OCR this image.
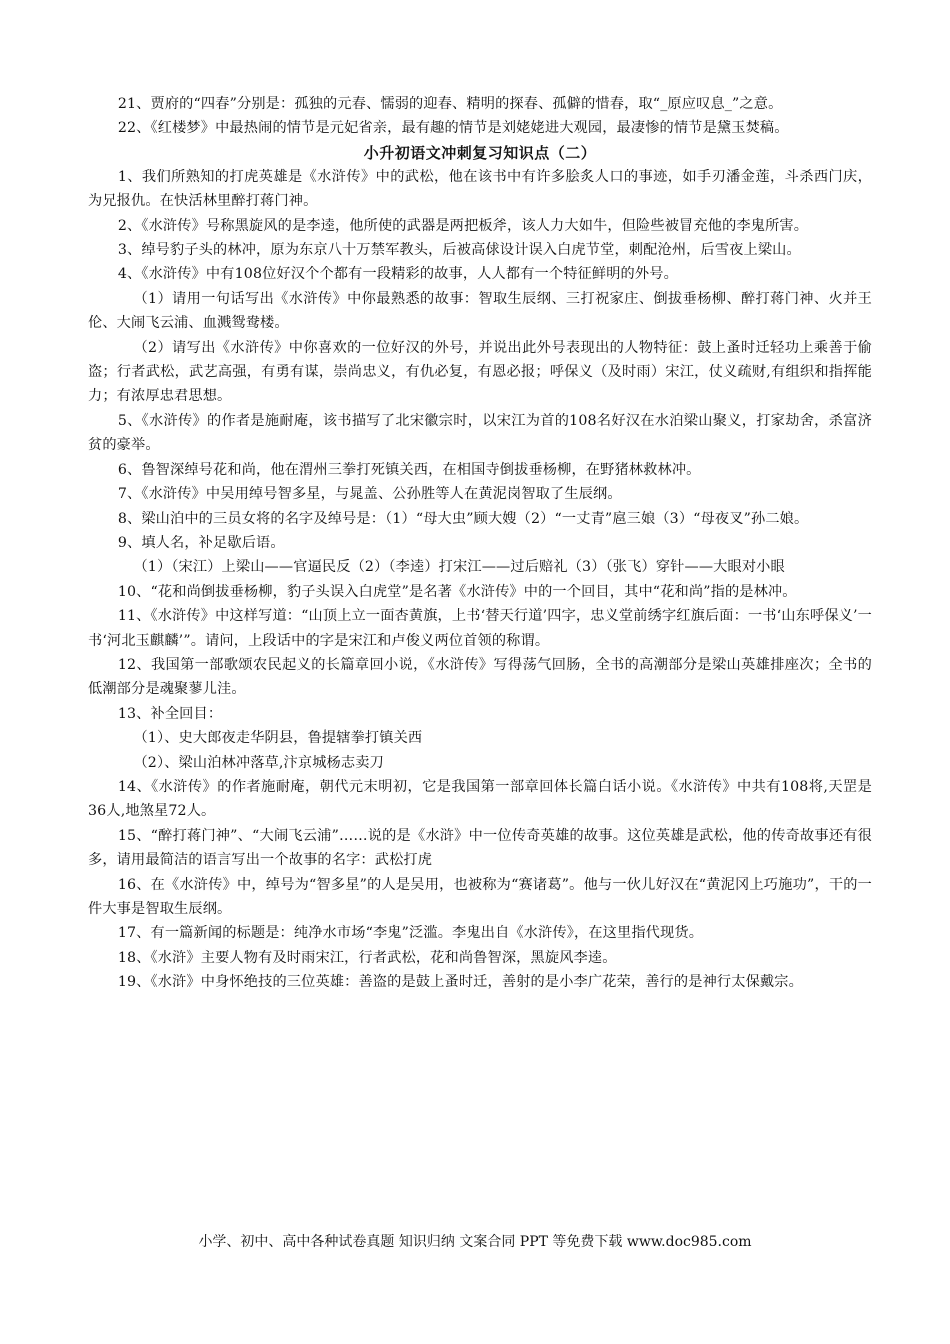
21、贾府的“四春”分别是：孤独的元春、懦弱的迎春、精明的探春、孤僻的惜春，取“_原应叹息_”之意。

22、《红楼梦》中最热闹的情节是元妃省亲，最有趣的情节是刘姥姥进大观园，最凄惨的情节是黛玉焚稿。

小升初语文冲刺复习知识点（二）

1、我们所熟知的打虎英雄是《水浒传》中的武松，他在该书中有许多脍炙人口的事迹，如手刃潘金莲，斗杀西门庆，为兄报仇。在快活林里醉打蒋门神。

2、《水浒传》号称黑旋风的是李逵，他所使的武器是两把板斧，该人力大如牛，但险些被冒充他的李鬼所害。

3、绰号豹子头的林冲，原为东京八十万禁军教头，后被高俅设计误入白虎节堂，刺配沧州，后雪夜上梁山。

4、《水浒传》中有108位好汉个个都有一段精彩的故事，人人都有一个特征鲜明的外号。

（1）请用一句话写出《水浒传》中你最熟悉的故事：智取生辰纲、三打祝家庄、倒拔垂杨柳、醉打蒋门神、火并王伦、大闹飞云浦、血溅鸳鸯楼。

（2）请写出《水浒传》中你喜欢的一位好汉的外号，并说出此外号表现出的人物特征：鼓上蚤时迁轻功上乘善于偷盗；行者武松，武艺高强，有勇有谋，崇尚忠义，有仇必复，有恩必报；呼保义（及时雨）宋江，仗义疏财,有组织和指挥能力；有浓厚忠君思想。

5、《水浒传》的作者是施耐庵，该书描写了北宋徽宗时，以宋江为首的108名好汉在水泊梁山聚义，打家劫舍，杀富济贫的豪举。

6、鲁智深绰号花和尚，他在渭州三拳打死镇关西，在相国寺倒拔垂杨柳，在野猪林救林冲。

7、《水浒传》中吴用绰号智多星，与晁盖、公孙胜等人在黄泥岗智取了生辰纲。

8、梁山泊中的三员女将的名字及绰号是：（1）“母大虫”顾大嫂（2）“一丈青”扈三娘（3）“母夜叉”孙二娘。

9、填人名，补足歇后语。

（1）（宋江）上梁山——官逼民反（2）（李逵）打宋江——过后赔礼（3）（张飞）穿针——大眼对小眼

10、“花和尚倒拔垂杨柳，豹子头误入白虎堂”是名著《水浒传》中的一个回目，其中“花和尚”指的是林冲。

11、《水浒传》中这样写道：“山顶上立一面杏黄旗，上书‘替天行道’四字，忠义堂前绣字红旗后面：一书‘山东呼保义’一书‘河北玉麒麟’”。请问，上段话中的字是宋江和卢俊义两位首领的称谓。

12、我国第一部歌颂农民起义的长篇章回小说，《水浒传》写得荡气回肠，全书的高潮部分是梁山英雄排座次；全书的低潮部分是魂聚蓼儿洼。

13、补全回目：

（1）、史大郎夜走华阴县，鲁提辖拳打镇关西

（2）、梁山泊林冲落草,汴京城杨志卖刀

14、《水浒传》的作者施耐庵，朝代元末明初，它是我国第一部章回体长篇白话小说。《水浒传》中共有108将,天罡是36人,地煞星72人。

15、“醉打蒋门神”、“大闹飞云浦”……说的是《水浒》中一位传奇英雄的故事。这位英雄是武松，他的传奇故事还有很多，请用最简洁的语言写出一个故事的名字：武松打虎

16、在《水浒传》中，绰号为“智多星”的人是吴用，也被称为“赛诸葛”。他与一伙儿好汉在“黄泥冈上巧施功”，干的一件大事是智取生辰纲。

17、有一篇新闻的标题是：纯净水市场“李鬼”泛滥。李鬼出自《水浒传》，在这里指代现货。

18、《水浒》主要人物有及时雨宋江，行者武松，花和尚鲁智深，黑旋风李逵。

19、《水浒》中身怀绝技的三位英雄：善盗的是鼓上蚤时迁，善射的是小李广花荣，善行的是神行太保戴宗。

小学、初中、高中各种试卷真题 知识归纳 文案合同 PPT 等免费下载 www.doc985.com
